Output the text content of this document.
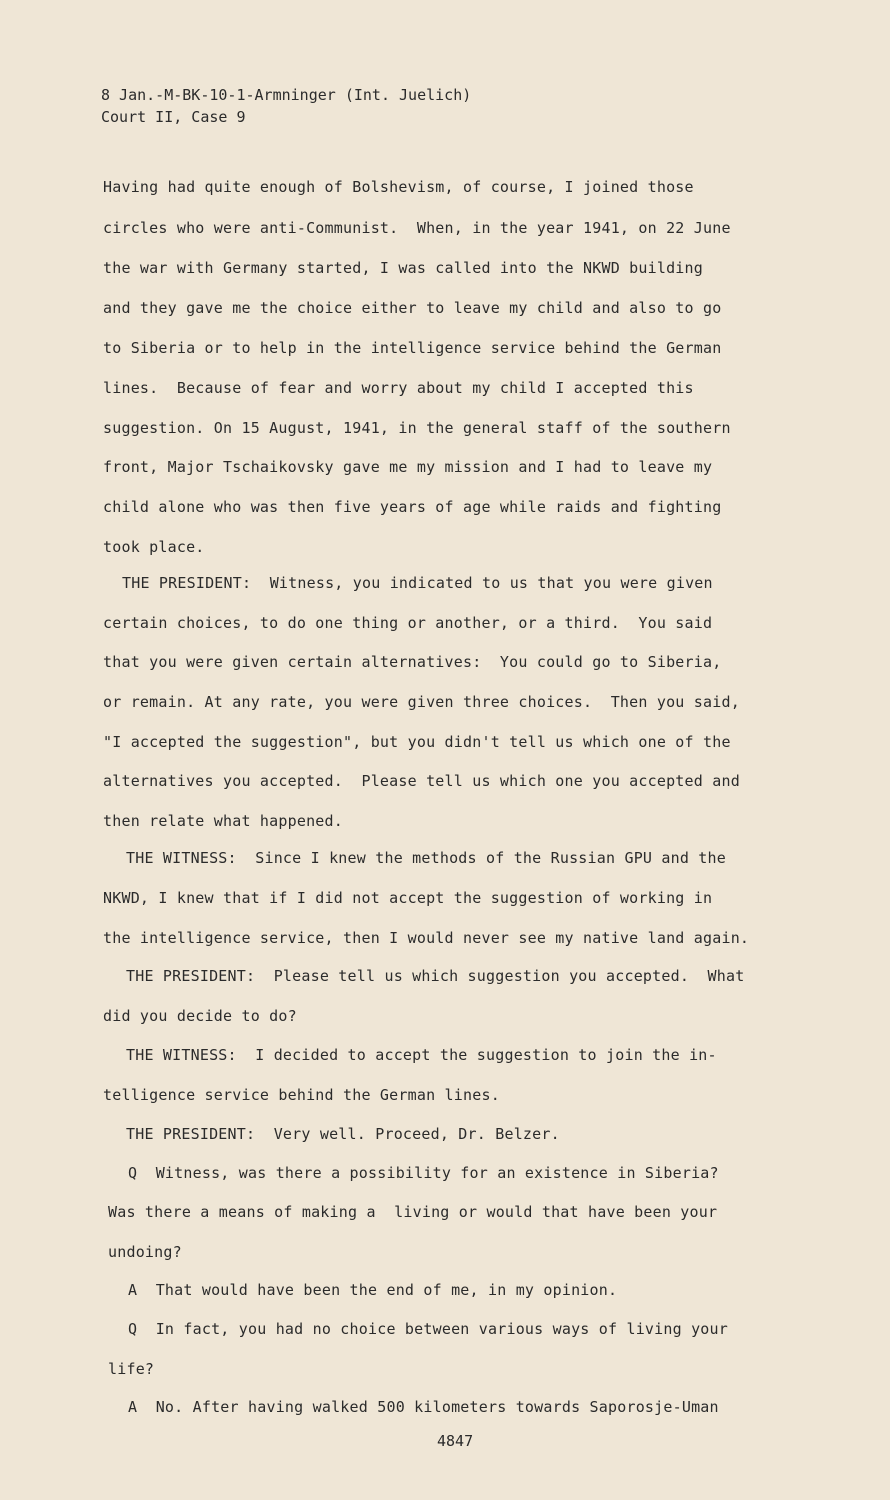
8 Jan.-M-BK-10-1-Armninger (Int. Juelich)
Court II, Case 9
Having had quite enough of Bolshevism, of course, I joined those
circles who were anti-Communist.  When, in the year 1941, on 22 June
the war with Germany started, I was called into the NKWD building
and they gave me the choice either to leave my child and also to go
to Siberia or to help in the intelligence service behind the German
lines.  Because of fear and worry about my child I accepted this
suggestion. On 15 August, 1941, in the general staff of the southern
front, Major Tschaikovsky gave me my mission and I had to leave my
child alone who was then five years of age while raids and fighting
took place.
THE PRESIDENT:  Witness, you indicated to us that you were given
certain choices, to do one thing or another, or a third.  You said
that you were given certain alternatives:  You could go to Siberia,
or remain. At any rate, you were given three choices.  Then you said,
"I accepted the suggestion", but you didn't tell us which one of the
alternatives you accepted.  Please tell us which one you accepted and
then relate what happened.
THE WITNESS:  Since I knew the methods of the Russian GPU and the
NKWD, I knew that if I did not accept the suggestion of working in
the intelligence service, then I would never see my native land again.
THE PRESIDENT:  Please tell us which suggestion you accepted.  What
did you decide to do?
THE WITNESS:  I decided to accept the suggestion to join the in-
telligence service behind the German lines.
THE PRESIDENT:  Very well. Proceed, Dr. Belzer.
Q  Witness, was there a possibility for an existence in Siberia?
Was there a means of making a  living or would that have been your
undoing?
A  That would have been the end of me, in my opinion.
Q  In fact, you had no choice between various ways of living your
life?
A  No. After having walked 500 kilometers towards Saporosje-Uman
4847
